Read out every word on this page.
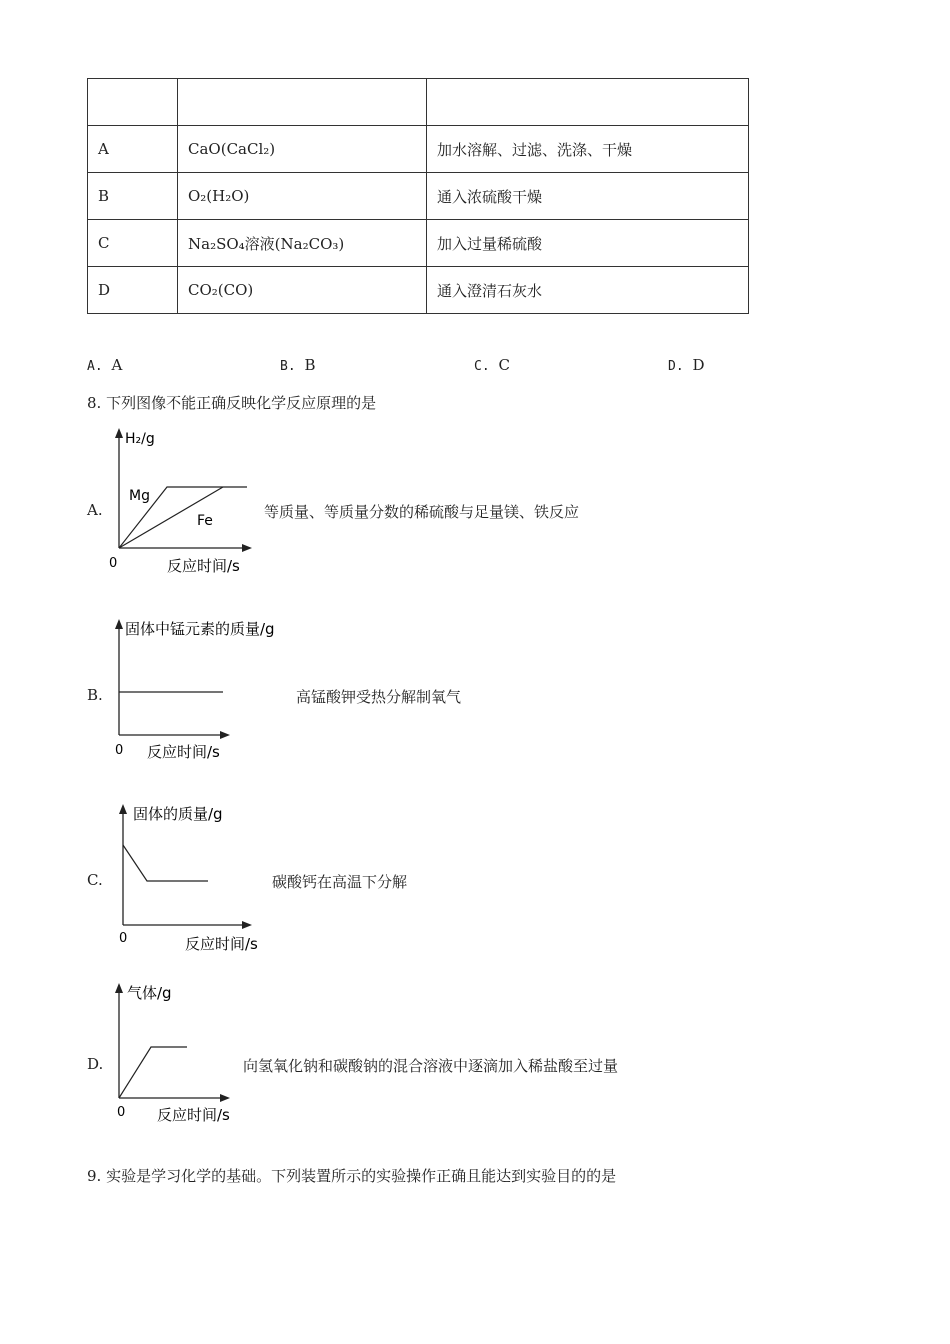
A	CaO(CaCl₂)	加水溶解、过滤、洗涤、干燥
B	O₂(H₂O)	通入浓硫酸干燥
C	Na₂SO₄溶液(Na₂CO₃)	加入过量稀硫酸
D	CO₂(CO)	通入澄清石灰水
A. A	B. B	C. C	D. D
8. 下列图像不能正确反映化学反应原理的是
A.
H₂/g
Mg
Fe
0	反应时间/s
等质量、等质量分数的稀硫酸与足量镁、铁反应
B.
固体中锰元素的质量/g
0 反应时间/s
高锰酸钾受热分解制氧气
C.
固体的质量/g
0	反应时间/s
碳酸钙在高温下分解
D.
气体/g
0 反应时间/s
向氢氧化钠和碳酸钠的混合溶液中逐滴加入稀盐酸至过量
9. 实验是学习化学的基础。下列装置所示的实验操作正确且能达到实验目的的是
